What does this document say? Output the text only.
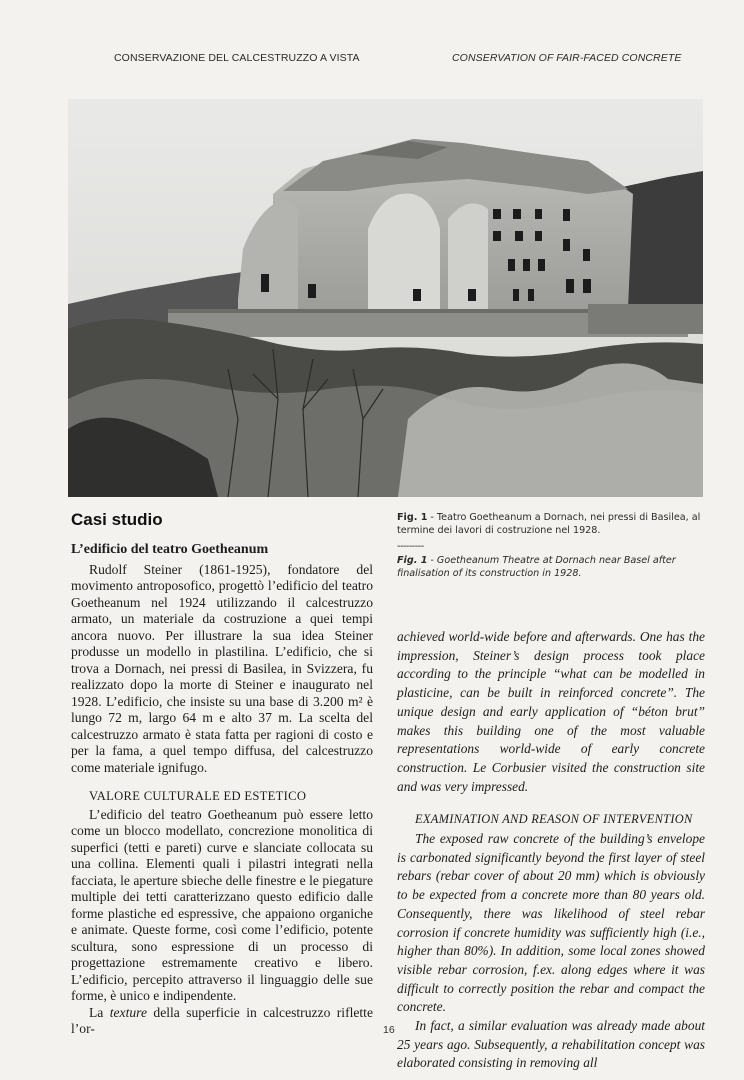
CONSERVAZIONE DEL CALCESTRUZZO A VISTA	CONSERVATION OF FAIR-FACED CONCRETE
Casi studio

L’edificio del teatro Goetheanum

Rudolf Steiner (1861-1925), fondatore del movimento antroposofico, progettò l’edificio del teatro Goetheanum nel 1924 utilizzando il calcestruzzo armato, un materiale da costruzione a quei tempi ancora nuovo. Per illustrare la sua idea Steiner produsse un modello in plastilina. L’edificio, che si trova a Dornach, nei pressi di Basilea, in Svizzera, fu realizzato dopo la morte di Steiner e inaugurato nel 1928. L’edificio, che insiste su una base di 3.200 m² è lungo 72 m, largo 64 m e alto 37 m. La scelta del calcestruzzo armato è stata fatta per ragioni di costo e per la fama, a quel tempo diffusa, del calcestruzzo come materiale ignifugo.

VALORE CULTURALE ED ESTETICO

L’edificio del teatro Goetheanum può essere letto come un blocco modellato, concrezione monolitica di superfici (tetti e pareti) curve e slanciate collocata su una collina. Elementi quali i pilastri integrati nella facciata, le aperture sbieche delle finestre e le piegature multiple dei tetti caratterizzano questo edificio dalle forme plastiche ed espressive, che appaiono organiche e animate. Queste forme, così come l’edificio, potente scultura, sono espressione di un processo di progettazione estremamente creativo e libero. L’edificio, percepito attraverso il linguaggio delle sue forme, è unico e indipendente.

La texture della superficie in calcestruzzo riflette l’or-

Fig. 1 - Teatro Goetheanum a Dornach, nei pressi di Basilea, al termine dei lavori di costruzione nel 1928.

---------

Fig. 1 - Goetheanum Theatre at Dornach near Basel after finalisation of its construction in 1928.

achieved world-wide before and afterwards. One has the impression, Steiner’s design process took place according to the principle “what can be modelled in plasticine, can be built in reinforced concrete”. The unique design and early application of “béton brut” makes this building one of the most valuable representations world-wide of early concrete construction. Le Corbusier visited the construction site and was very impressed.

EXAMINATION AND REASON OF INTERVENTION

The exposed raw concrete of the building’s envelope is carbonated significantly beyond the first layer of steel rebars (rebar cover of about 20 mm) which is obviously to be expected from a concrete more than 80 years old. Consequently, there was likelihood of steel rebar corrosion if concrete humidity was sufficiently high (i.e., higher than 80%). In addition, some local zones showed visible rebar corrosion, f.ex. along edges where it was difficult to correctly position the rebar and compact the concrete.

In fact, a similar evaluation was already made about 25 years ago. Subsequently, a rehabilitation concept was elaborated consisting in removing all

16
